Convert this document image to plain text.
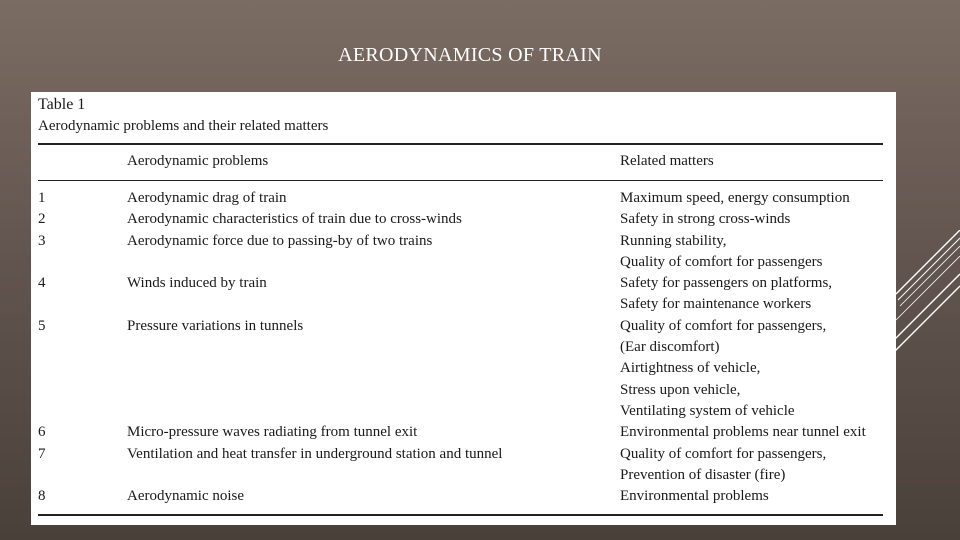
AERODYNAMICS OF TRAIN
Table 1
Aerodynamic problems and their related matters
Aerodynamic problems	Related matters
1	Aerodynamic drag of train	Maximum speed, energy consumption
2	Aerodynamic characteristics of train due to cross-winds	Safety in strong cross-winds
3	Aerodynamic force due to passing-by of two trains	Running stability,
Quality of comfort for passengers
4	Winds induced by train	Safety for passengers on platforms,
Safety for maintenance workers
5	Pressure variations in tunnels	Quality of comfort for passengers,
(Ear discomfort)
Airtightness of vehicle,
Stress upon vehicle,
Ventilating system of vehicle
6	Micro-pressure waves radiating from tunnel exit	Environmental problems near tunnel exit
7	Ventilation and heat transfer in underground station and tunnel	Quality of comfort for passengers,
Prevention of disaster (fire)
8	Aerodynamic noise	Environmental problems
